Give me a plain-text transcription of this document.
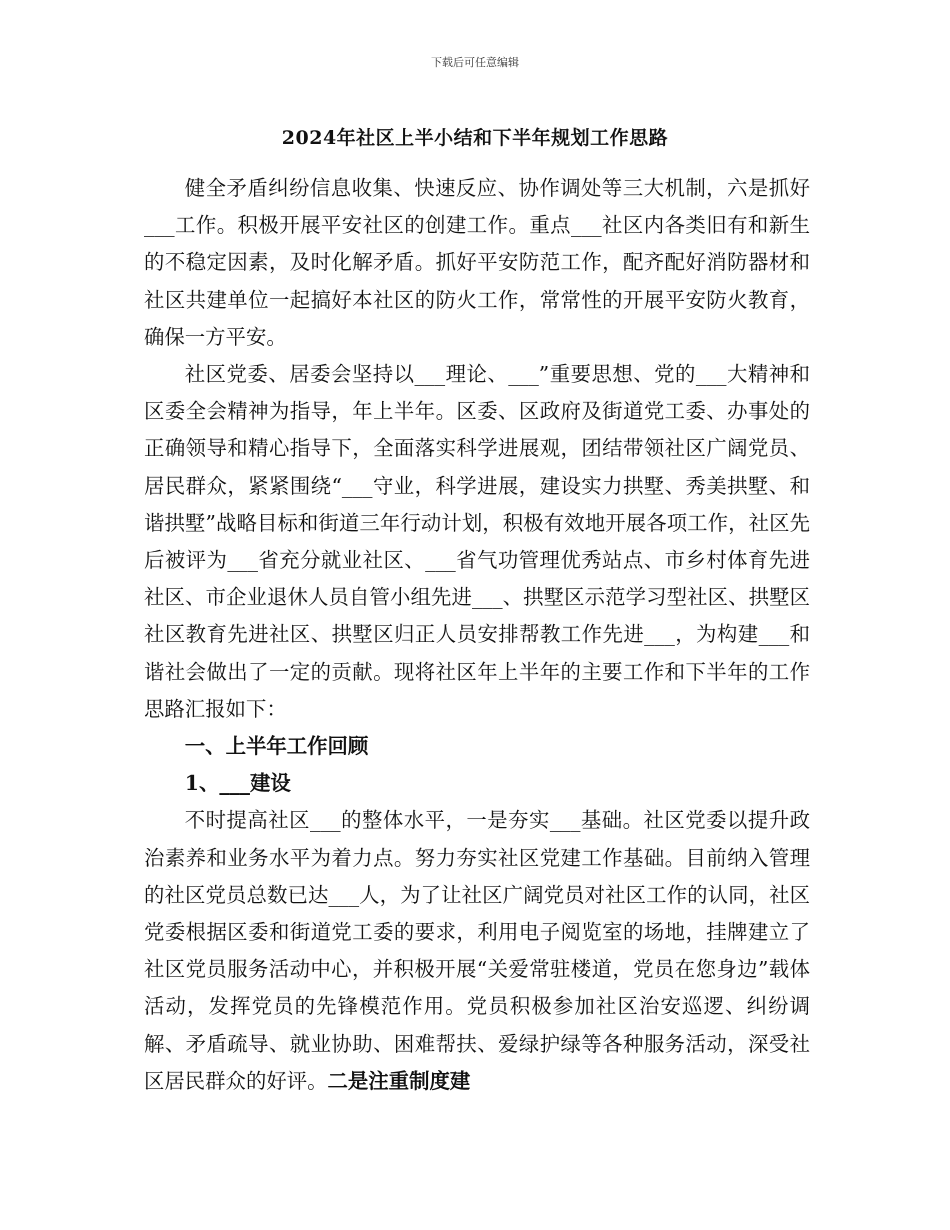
下载后可任意编辑
2024年社区上半小结和下半年规划工作思路

健全矛盾纠纷信息收集、快速反应、协作调处等三大机制，六是抓好___工作。积极开展平安社区的创建工作。重点___社区内各类旧有和新生的不稳定因素，及时化解矛盾。抓好平安防范工作，配齐配好消防器材和社区共建单位一起搞好本社区的防火工作，常常性的开展平安防火教育，确保一方平安。

社区党委、居委会坚持以___理论、___”重要思想、党的___大精神和区委全会精神为指导，年上半年。区委、区政府及街道党工委、办事处的正确领导和精心指导下，全面落实科学进展观，团结带领社区广阔党员、居民群众，紧紧围绕“___守业，科学进展，建设实力拱墅、秀美拱墅、和谐拱墅”战略目标和街道三年行动计划，积极有效地开展各项工作，社区先后被评为___省充分就业社区、___省气功管理优秀站点、市乡村体育先进社区、市企业退休人员自管小组先进___、拱墅区示范学习型社区、拱墅区社区教育先进社区、拱墅区归正人员安排帮教工作先进___，为构建___和谐社会做出了一定的贡献。现将社区年上半年的主要工作和下半年的工作思路汇报如下：

一、上半年工作回顾

1、___建设

不时提高社区___的整体水平，一是夯实___基础。社区党委以提升政治素养和业务水平为着力点。努力夯实社区党建工作基础。目前纳入管理的社区党员总数已达___人，为了让社区广阔党员对社区工作的认同，社区党委根据区委和街道党工委的要求，利用电子阅览室的场地，挂牌建立了社区党员服务活动中心，并积极开展“关爱常驻楼道，党员在您身边”载体活动，发挥党员的先锋模范作用。党员积极参加社区治安巡逻、纠纷调解、矛盾疏导、就业协助、困难帮扶、爱绿护绿等各种服务活动，深受社区居民群众的好评。二是注重制度建
